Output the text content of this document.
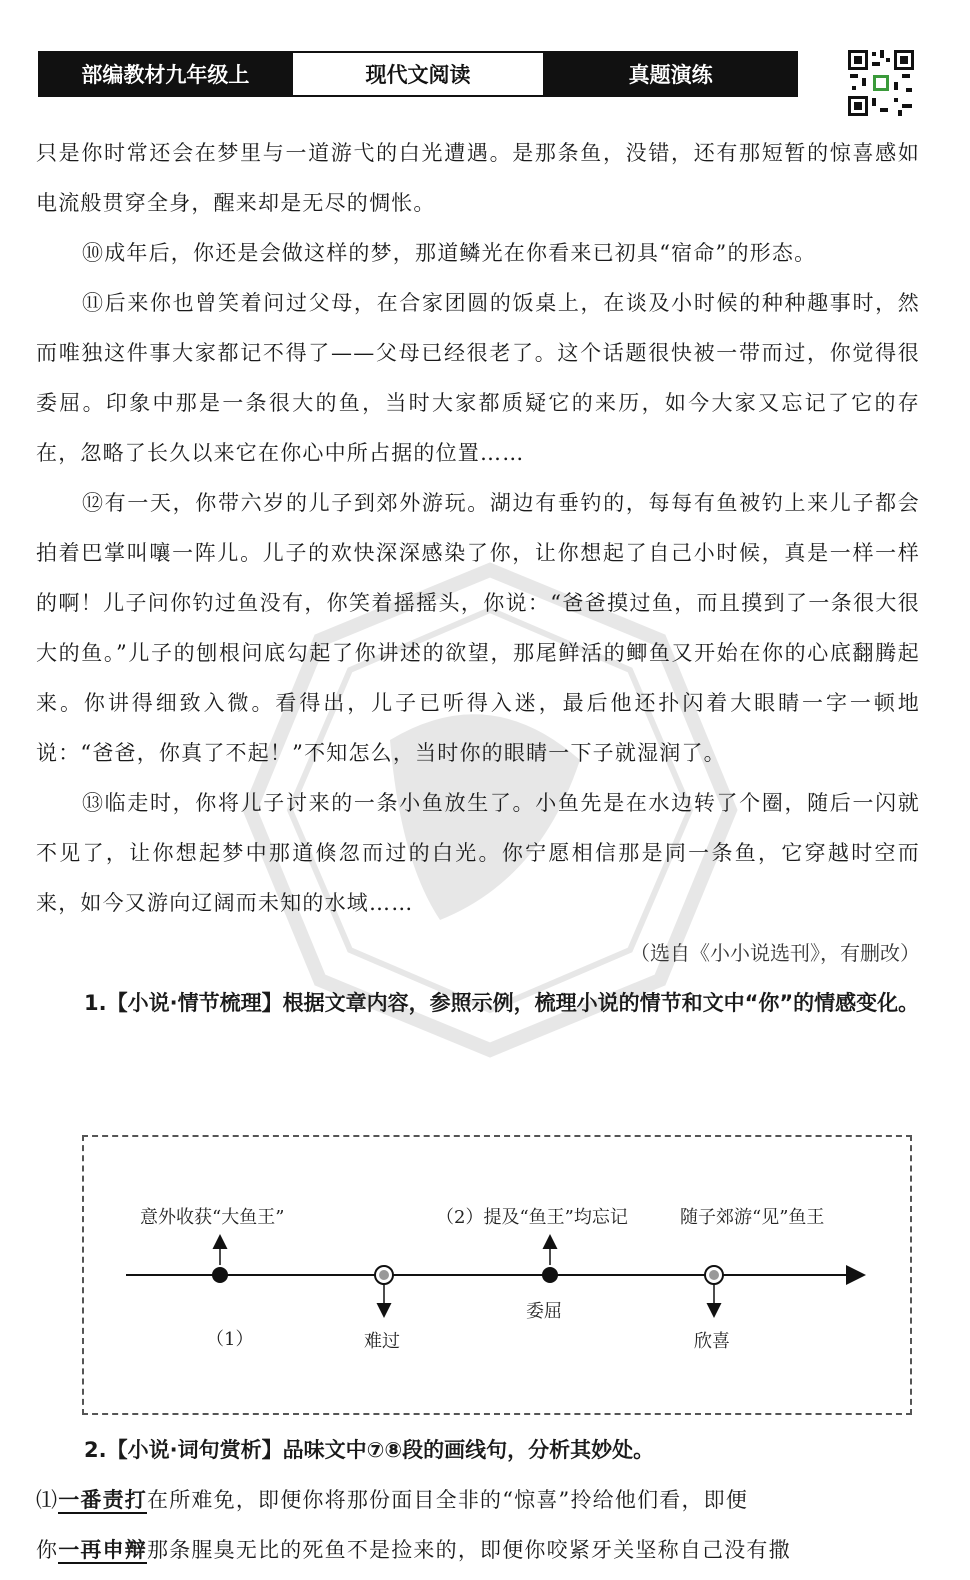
部编教材九年级上	现代文阅读	真题演练

只是你时常还会在梦里与一道游弋的白光遭遇。是那条鱼，没错，还有那短暂的惊喜感如电流般贯穿全身，醒来却是无尽的惆怅。

⑩成年后，你还是会做这样的梦，那道鳞光在你看来已初具“宿命”的形态。

⑪后来你也曾笑着问过父母，在合家团圆的饭桌上，在谈及小时候的种种趣事时，然而唯独这件事大家都记不得了——父母已经很老了。这个话题很快被一带而过，你觉得很委屈。印象中那是一条很大的鱼，当时大家都质疑它的来历，如今大家又忘记了它的存在，忽略了长久以来它在你心中所占据的位置……

⑫有一天，你带六岁的儿子到郊外游玩。湖边有垂钓的，每每有鱼被钓上来儿子都会拍着巴掌叫嚷一阵儿。儿子的欢快深深感染了你，让你想起了自己小时候，真是一样一样的啊！儿子问你钓过鱼没有，你笑着摇摇头，你说：“爸爸摸过鱼，而且摸到了一条很大很大的鱼。”儿子的刨根问底勾起了你讲述的欲望，那尾鲜活的鲫鱼又开始在你的心底翻腾起来。你讲得细致入微。看得出，儿子已听得入迷，最后他还扑闪着大眼睛一字一顿地说：“爸爸，你真了不起！”不知怎么，当时你的眼睛一下子就湿润了。

⑬临走时，你将儿子讨来的一条小鱼放生了。小鱼先是在水边转了个圈，随后一闪就不见了，让你想起梦中那道倏忽而过的白光。你宁愿相信那是同一条鱼，它穿越时空而来，如今又游向辽阔而未知的水域……

（选自《小小说选刊》，有删改）

1.【小说·情节梳理】根据文章内容，参照示例，梳理小说的情节和文中“你”的情感变化。

意外收获“大鱼王”	（2）提及“鱼王”均忘记	随子郊游“见”鱼王
（1）	难过
委屈
欣喜

2.【小说·词句赏析】品味文中⑦⑧段的画线句，分析其妙处。

⑴一番责打在所难免，即便你将那份面目全非的“惊喜”拎给他们看，即便

你一再申辩那条腥臭无比的死鱼不是捡来的，即便你咬紧牙关坚称自己没有撒
